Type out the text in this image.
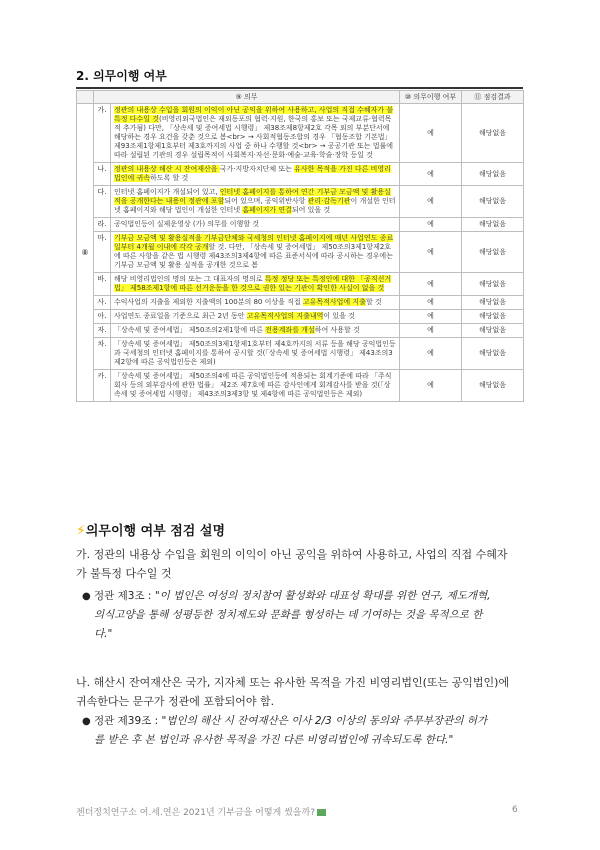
2. 의무이행 여부
	⑨ 의무		⑩ 의무이행 여부	⑪ 점검결과
⑧	가.	정관의 내용상 수입을 회원의 이익이 아닌 공익을 위하여 사용하고, 사업의 직접 수혜자가 불특정 다수일 것(비영리외국법인은 재외동포의 협력·지원, 한국의 홍보 또는 국제교류·협력목적 추가됨) 다만, 「상속세 및 증여세법 시행령」 제38조제8항제2호 각목 외의 부분단서에 해당하는 경우 요건을 갖춘 것으로 봄<br> → 사회적협동조합의 경우 「협동조합 기본법」 제93조제1항제1호부터 제3호까지의 사업 중 하나 수행할 것<br> → 공공기관 또는 법률에 따라 설립된 기관의 경우 설립목적이 사회복지·자선·문화·예술·교육·학술·장학 등일 것	예	해당없음
	나.	정관의 내용상 해산 시 잔여재산을 국가·지방자치단체 또는 유사한 목적을 가진 다른 비영리법인에 귀속하도록 할 것	예	해당없음
	다.	인터넷 홈페이지가 개설되어 있고, 인터넷 홈페이지를 통하여 연간 기부금 모금액 및 활용실적을 공개한다는 내용이 정관에 포함되어 있으며, 공익위반사항 관리·감독기관이 개설한 인터넷 홈페이지와 해당 법인이 개설한 인터넷 홈페이지가 연결되어 있을 것	예	해당없음
	라.	공익법인등이 실제운영상 (가) 의무를 이행할 것	예	해당없음
	마.	기부금 모금액 및 활용실적을 기부금단체와 국세청의 인터넷 홈페이지에 매년 사업연도 종료일부터 4개월 이내에 각각 공개할 것. 다만, 「상속세 및 증여세법」 제50조의3제1항제2호에 따른 사항을 같은 법 시행령 제43조의3제4항에 따른 표준서식에 따라 공시하는 경우에는 기부금 모금액 및 활용 실적을 공개한 것으로 봄	예	해당없음
	바.	해당 비영리법인의 명의 또는 그 대표자의 명의로 특정 정당 또는 특정인에 대한 「공직선거법」 제58조제1항에 따른 선거운동을 한 것으로 권한 있는 기관이 확인한 사실이 없을 것	예	해당없음
	사.	수익사업의 지출을 제외한 지출액의 100분의 80 이상을 직접 고유목적사업에 지출할 것	예	해당없음
	아.	사업연도 종료일을 기준으로 최근 2년 동안 고유목적사업의 지출내역이 있을 것	예	해당없음
	자.	「상속세 및 증여세법」 제50조의2제1항에 따른 전용계좌를 개설하여 사용할 것	예	해당없음
	차.	「상속세 및 증여세법」 제50조의3제1항제1호부터 제4호까지의 서류 등을 해당 공익법인등과 국세청의 인터넷 홈페이지를 통하여 공시할 것(「상속세 및 증여세법 시행령」 제43조의3제2항에 따른 공익법인등은 제외)	예	해당없음
	카.	「상속세 및 증여세법」 제50조의4에 따른 공익법인등에 적용되는 회계기준에 따라 「주식회사 등의 외부감사에 관한 법률」 제2조 제7호에 따른 감사인에게 회계감사를 받을 것(「상속세 및 증여세법 시행령」 제43조의3제3항 및 제4항에 따른 공익법인등은 제외)	예	해당없음
⚡의무이행 여부 점검 설명
가. 정관의 내용상 수입을 회원의 이익이 아닌 공익을 위하여 사용하고, 사업의 직접 수혜자
가 불특정 다수일 것
● 정관 제3조 : "이 법인은 여성의 정치참여 활성화와 대표성 확대를 위한 연구, 제도개혁,
의식고양을 통해 성평등한 정치제도와 문화를 형성하는 데 기여하는 것을 목적으로 한
다."
나. 해산시 잔여재산은 국가, 지자체 또는 유사한 목적을 가진 비영리법인(또는 공익법인)에
귀속한다는 문구가 정관에 포함되어야 함.
● 정관 제39조 : "법인의 해산 시 잔여재산은 이사 2/3 이상의 동의와 주무부장관의 허가
를 받은 후 본 법인과 유사한 목적을 가진 다른 비영리법인에 귀속되도록 한다."
젠더정치연구소 여.세.연은 2021년 기부금을 어떻게 썼을까?	6
